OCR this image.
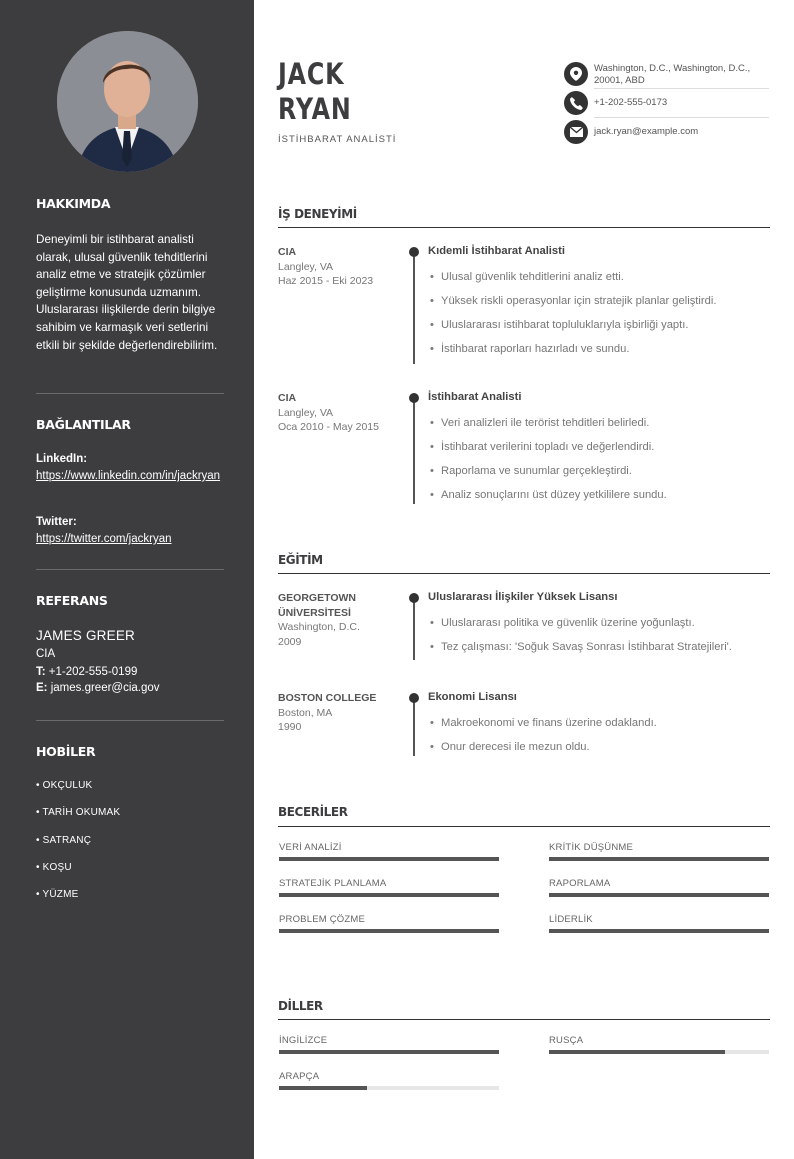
HAKKIMDA
Deneyimli bir istihbarat analisti olarak, ulusal güvenlik tehditlerini analiz etme ve stratejik çözümler geliştirme konusunda uzmanım. Uluslararası ilişkilerde derin bilgiye sahibim ve karmaşık veri setlerini etkili bir şekilde değerlendirebilirim.
BAĞLANTILAR
LinkedIn:
https://www.linkedin.com/in/jackryan
Twitter:
https://twitter.com/jackryan
REFERANS
JAMES GREER
CIA
T: +1-202-555-0199
E: james.greer@cia.gov
HOBİLER
• OKÇULUK
• TARİH OKUMAK
• SATRANÇ
• KOŞU
• YÜZME
JACK
RYAN
İSTİHBARAT ANALİSTİ
Washington, D.C., Washington, D.C.,
20001, ABD
+1-202-555-0173
jack.ryan@example.com
İŞ DENEYİMİ
CIA
Langley, VA
Haz 2015 - Eki 2023
Kıdemli İstihbarat Analisti
• Ulusal güvenlik tehditlerini analiz etti.
• Yüksek riskli operasyonlar için stratejik planlar geliştirdi.
• Uluslararası istihbarat topluluklarıyla işbirliği yaptı.
• İstihbarat raporları hazırladı ve sundu.
CIA
Langley, VA
Oca 2010 - May 2015
İstihbarat Analisti
• Veri analizleri ile terörist tehditleri belirledi.
• İstihbarat verilerini topladı ve değerlendirdi.
• Raporlama ve sunumlar gerçekleştirdi.
• Analiz sonuçlarını üst düzey yetkililere sundu.
EĞİTİM
GEORGETOWN
ÜNİVERSİTESİ
Washington, D.C.
2009
Uluslararası İlişkiler Yüksek Lisansı
• Uluslararası politika ve güvenlik üzerine yoğunlaştı.
• Tez çalışması: 'Soğuk Savaş Sonrası İstihbarat Stratejileri'.
BOSTON COLLEGE
Boston, MA
1990
Ekonomi Lisansı
• Makroekonomi ve finans üzerine odaklandı.
• Onur derecesi ile mezun oldu.
BECERİLER
VERİ ANALİZİ	KRİTİK DÜŞÜNME
STRATEJİK PLANLAMA	RAPORLAMA
PROBLEM ÇÖZME	LİDERLİK
DİLLER
İNGİLİZCE	RUSÇA
ARAPÇA
